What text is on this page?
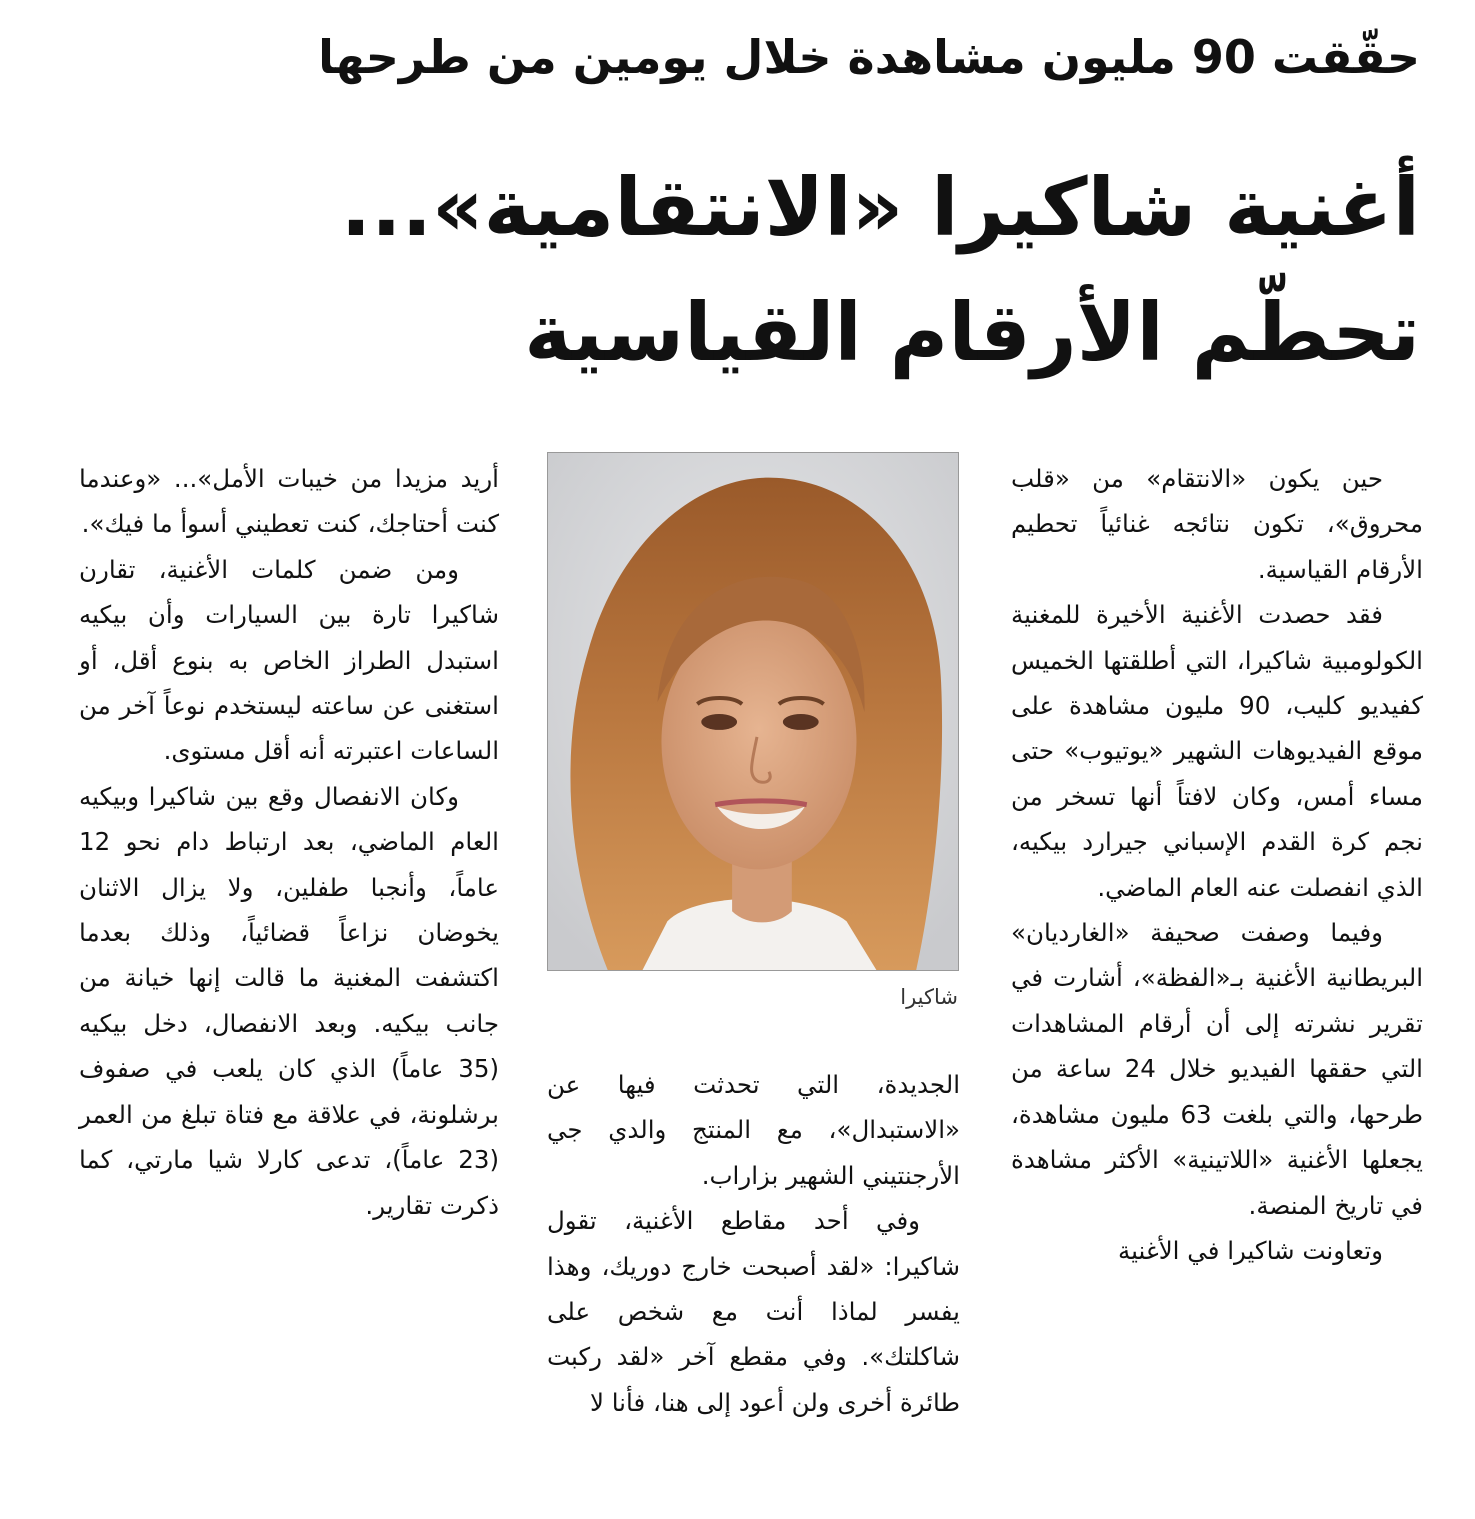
حقّقت 90 مليون مشاهدة خلال يومين من طرحها
أغنية شاكيرا «الانتقامية»...
تحطّم الأرقام القياسية

حين يكون «الانتقام» من «قلب محروق»، تكون نتائجه غنائياً تحطيم الأرقام القياسية.

فقد حصدت الأغنية الأخيرة للمغنية الكولومبية شاكيرا، التي أطلقتها الخميس كفيديو كليب، 90 مليون مشاهدة على موقع الفيديوهات الشهير «يوتيوب» حتى مساء أمس، وكان لافتاً أنها تسخر من نجم كرة القدم الإسباني جيرارد بيكيه، الذي انفصلت عنه العام الماضي.

وفيما وصفت صحيفة «الغارديان» البريطانية الأغنية بـ«الفظة»، أشارت في تقرير نشرته إلى أن أرقام المشاهدات التي حققها الفيديو خلال 24 ساعة من طرحها، والتي بلغت 63 مليون مشاهدة، يجعلها الأغنية «اللاتينية» الأكثر مشاهدة في تاريخ المنصة.

وتعاونت شاكيرا في الأغنية

شاكيرا

الجديدة، التي تحدثت فيها عن «الاستبدال»، مع المنتج والدي جي الأرجنتيني الشهير بزاراب.

وفي أحد مقاطع الأغنية، تقول شاكيرا: «لقد أصبحت خارج دوريك، وهذا يفسر لماذا أنت مع شخص على شاكلتك». وفي مقطع آخر «لقد ركبت طائرة أخرى ولن أعود إلى هنا، فأنا لا

أريد مزيدا من خيبات الأمل»... «وعندما كنت أحتاجك، كنت تعطيني أسوأ ما فيك».

ومن ضمن كلمات الأغنية، تقارن شاكيرا تارة بين السيارات وأن بيكيه استبدل الطراز الخاص به بنوع أقل، أو استغنى عن ساعته ليستخدم نوعاً آخر من الساعات اعتبرته أنه أقل مستوى.

وكان الانفصال وقع بين شاكيرا وبيكيه العام الماضي، بعد ارتباط دام نحو 12 عاماً، وأنجبا طفلين، ولا يزال الاثنان يخوضان نزاعاً قضائياً، وذلك بعدما اكتشفت المغنية ما قالت إنها خيانة من جانب بيكيه. وبعد الانفصال، دخل بيكيه (35 عاماً) الذي كان يلعب في صفوف برشلونة، في علاقة مع فتاة تبلغ من العمر (23 عاماً)، تدعى كارلا شيا مارتي، كما ذكرت تقارير.
